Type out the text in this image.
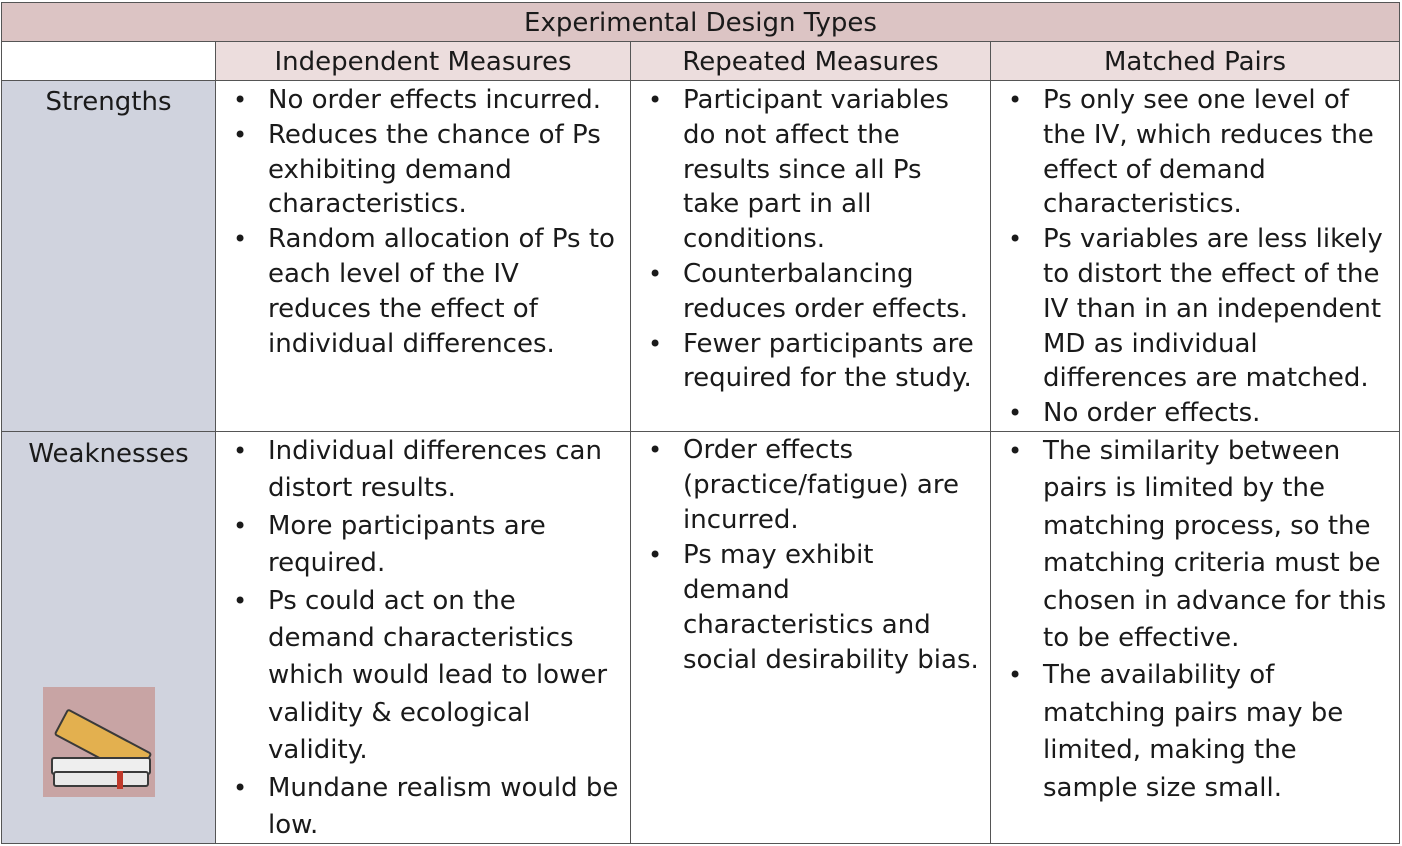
Experimental Design Types
Independent Measures	Repeated Measures	Matched Pairs
Strengths
Weaknesses
• No order effects incurred.
• Reduces the chance of Ps exhibiting demand characteristics.
• Random allocation of Ps to each level of the IV reduces the effect of individual differences.
• Participant variables do not affect the results since all Ps take part in all conditions.
• Counterbalancing reduces order effects.
• Fewer participants are required for the study.
• Ps only see one level of the IV, which reduces the effect of demand characteristics.
• Ps variables are less likely to distort the effect of the IV than in an independent MD as individual differences are matched.
• No order effects.
• Individual differences can distort results.
• More participants are required.
• Ps could act on the demand characteristics which would lead to lower validity & ecological validity.
• Mundane realism would be low.
• Order effects (practice/fatigue) are incurred.
• Ps may exhibit demand characteristics and social desirability bias.
• The similarity between pairs is limited by the matching process, so the matching criteria must be chosen in advance for this to be effective.
• The availability of matching pairs may be limited, making the sample size small.
